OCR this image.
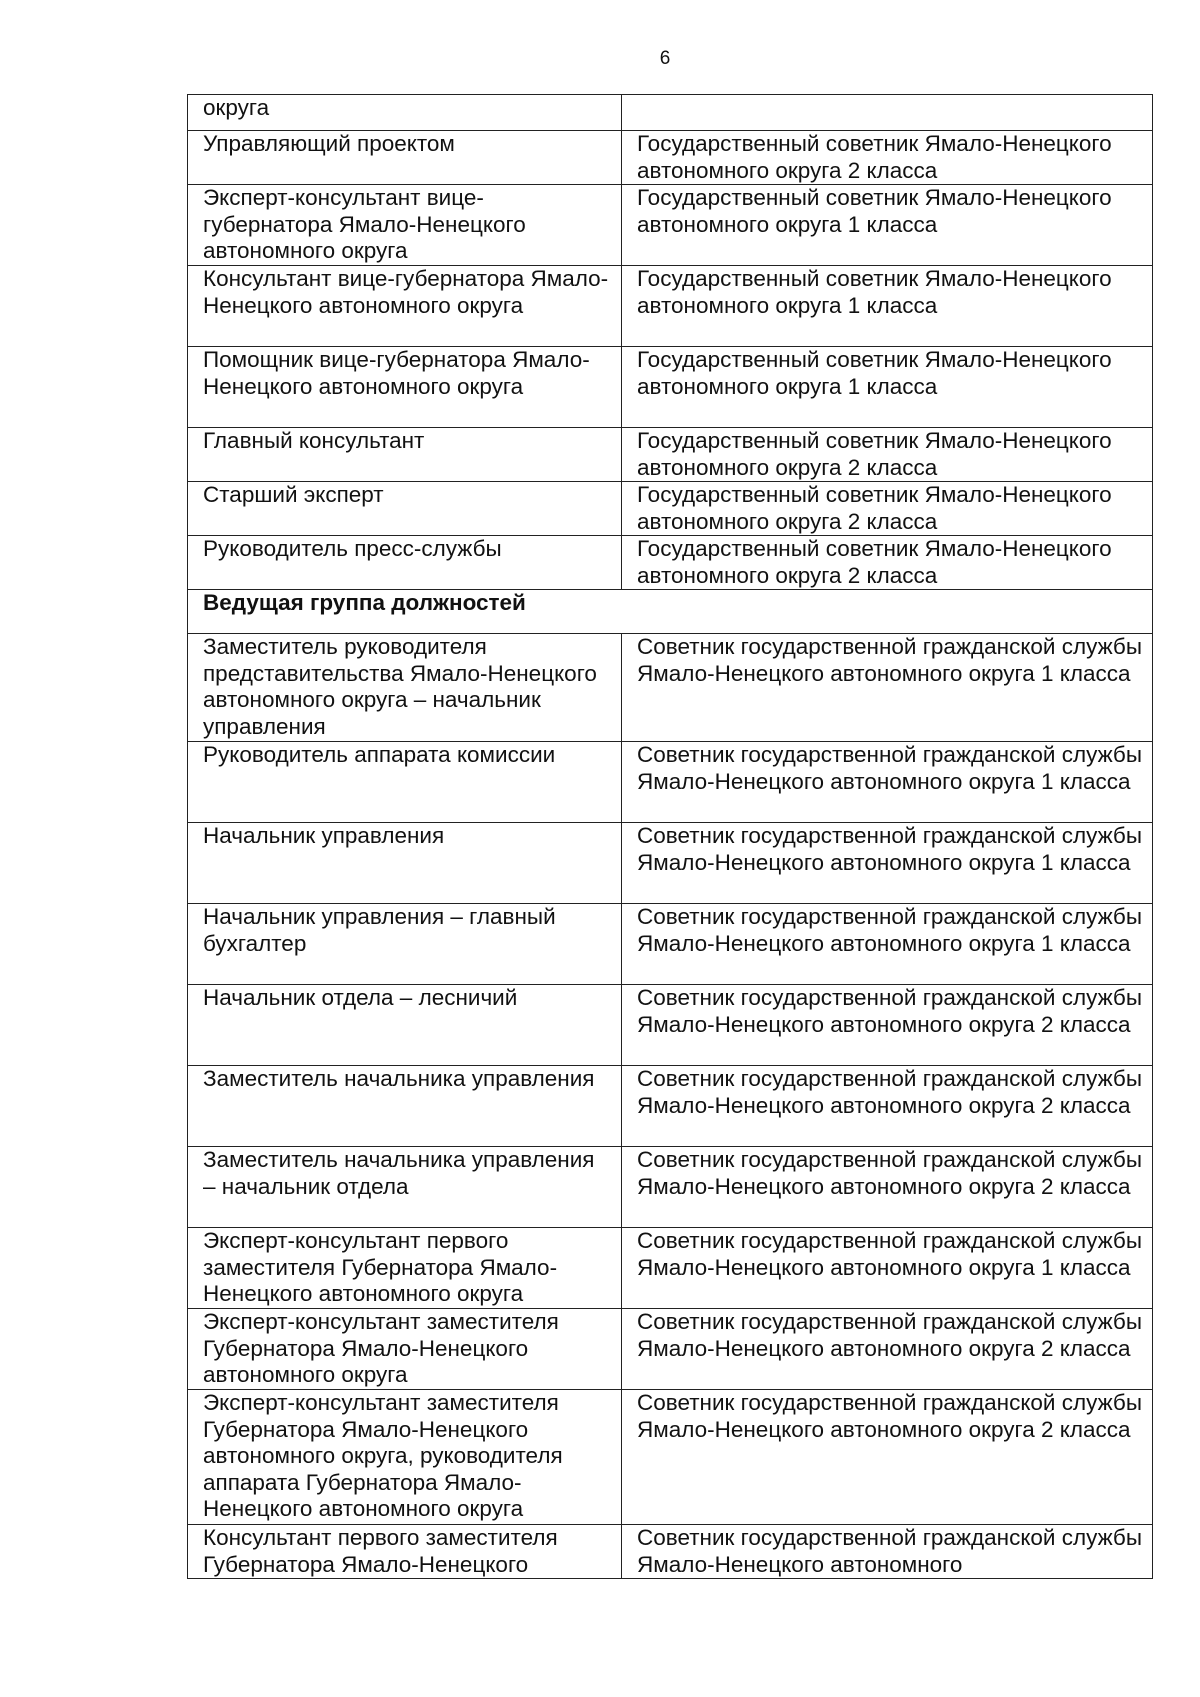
6
округа	
Управляющий проектом	Государственный советник Ямало-Ненецкого автономного округа 2 класса
Эксперт-консультант вице-губернатора Ямало-Ненецкого автономного округа	Государственный советник Ямало-Ненецкого автономного округа 1 класса
Консультант вице-губернатора Ямало-Ненецкого автономного округа	Государственный советник Ямало-Ненецкого автономного округа 1 класса
Помощник вице-губернатора Ямало-Ненецкого автономного округа	Государственный советник Ямало-Ненецкого автономного округа 1 класса
Главный консультант	Государственный советник Ямало-Ненецкого автономного округа 2 класса
Старший эксперт	Государственный советник Ямало-Ненецкого автономного округа 2 класса
Руководитель пресс-службы	Государственный советник Ямало-Ненецкого автономного округа 2 класса
Ведущая группа должностей	
Заместитель руководителя представительства Ямало-Ненецкого автономного округа – начальник управления	Советник государственной гражданской службы Ямало-Ненецкого автономного округа 1 класса
Руководитель аппарата комиссии	Советник государственной гражданской службы Ямало-Ненецкого автономного округа 1 класса
Начальник управления	Советник государственной гражданской службы Ямало-Ненецкого автономного округа 1 класса
Начальник управления – главный бухгалтер	Советник государственной гражданской службы Ямало-Ненецкого автономного округа 1 класса
Начальник отдела – лесничий	Советник государственной гражданской службы Ямало-Ненецкого автономного округа 2 класса
Заместитель начальника управления	Советник государственной гражданской службы Ямало-Ненецкого автономного округа 2 класса
Заместитель начальника управления – начальник отдела	Советник государственной гражданской службы Ямало-Ненецкого автономного округа 2 класса
Эксперт-консультант первого заместителя Губернатора Ямало-Ненецкого автономного округа	Советник государственной гражданской службы Ямало-Ненецкого автономного округа 1 класса
Эксперт-консультант заместителя Губернатора Ямало-Ненецкого автономного округа	Советник государственной гражданской службы Ямало-Ненецкого автономного округа 2 класса
Эксперт-консультант заместителя Губернатора Ямало-Ненецкого автономного округа, руководителя аппарата Губернатора Ямало-Ненецкого автономного округа	Советник государственной гражданской службы Ямало-Ненецкого автономного округа 2 класса
Консультант первого заместителя Губернатора Ямало-Ненецкого	Советник государственной гражданской службы Ямало-Ненецкого автономного
